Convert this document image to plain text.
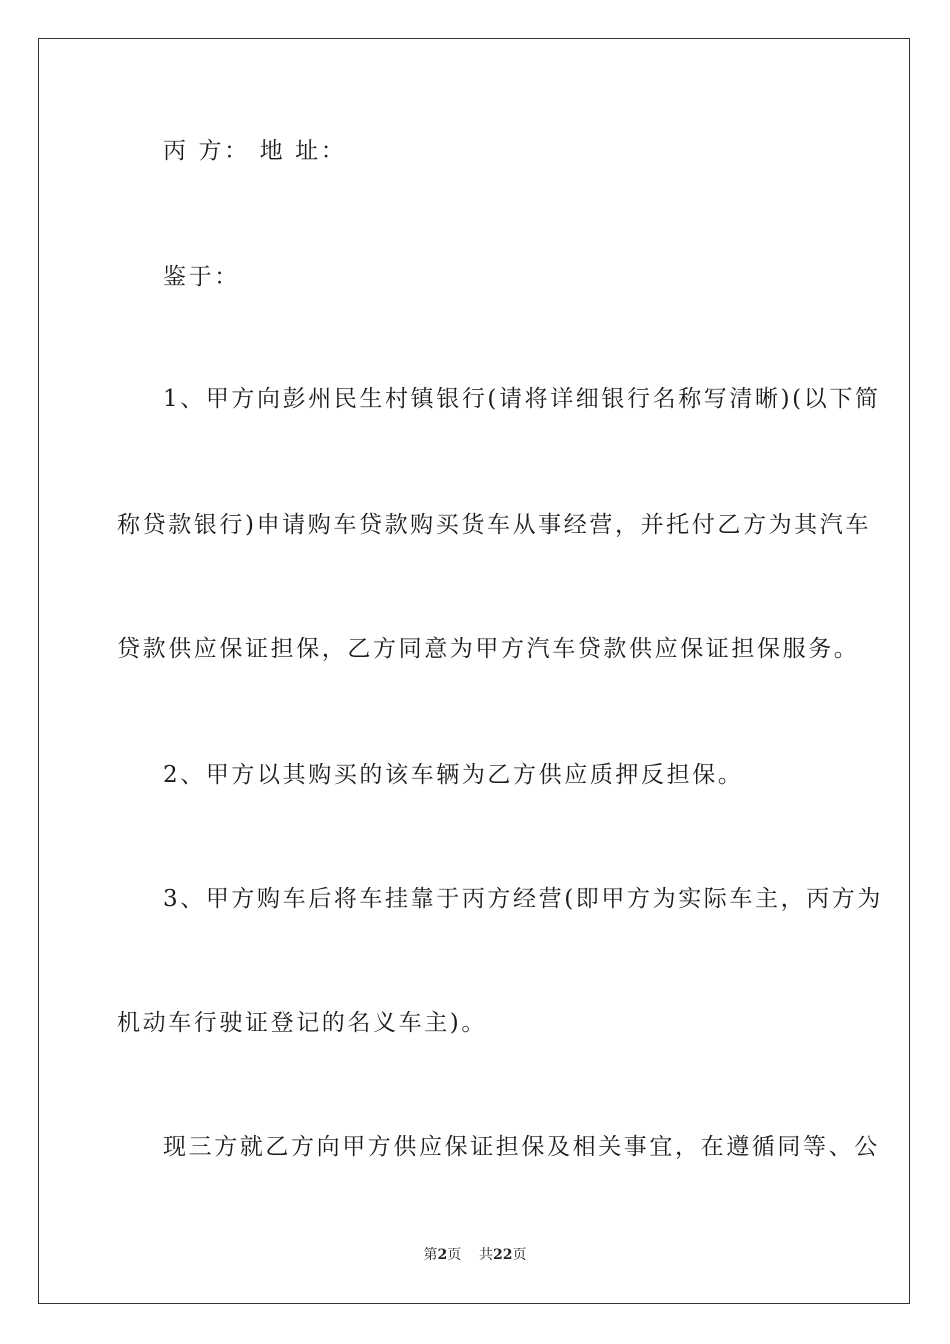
丙 方： 地 址：
鉴于：
1、甲方向彭州民生村镇银行(请将详细银行名称写清晰)(以下简
称贷款银行)申请购车贷款购买货车从事经营，并托付乙方为其汽车
贷款供应保证担保，乙方同意为甲方汽车贷款供应保证担保服务。
2、甲方以其购买的该车辆为乙方供应质押反担保。
3、甲方购车后将车挂靠于丙方经营(即甲方为实际车主，丙方为
机动车行驶证登记的名义车主)。
现三方就乙方向甲方供应保证担保及相关事宜，在遵循同等、公
第2页 共22页
